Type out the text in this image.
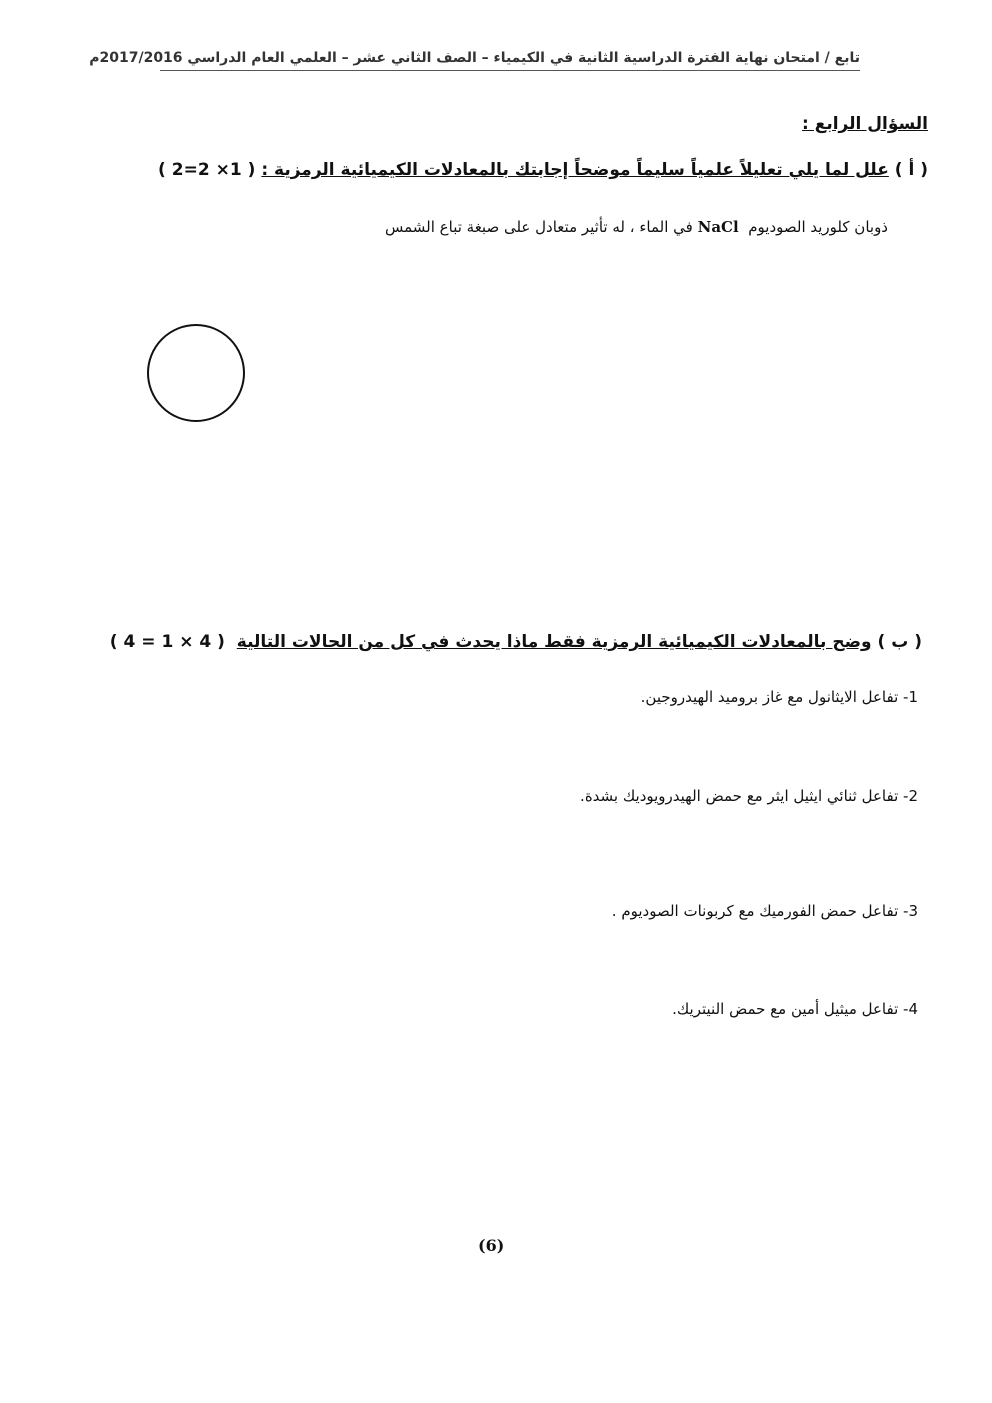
تابع / امتحان نهاية الفترة الدراسية الثانية في الكيمياء – الصف الثاني عشر – العلمي العام الدراسي 2017/2016م
السؤال الرابع :
( أ ) علل لما يلي تعليلاً علمياً سليماً موضحاً إجابتك بالمعادلات الكيميائية الرمزية : ( 1× 2=2 )
ذوبان كلوريد الصوديوم  NaCl في الماء ، له تأثير متعادل على صبغة تباع الشمس
( ب ) وضح بالمعادلات الكيميائية الرمزية فقط ماذا يحدث في كل من الحالات التالية  ( 4 × 1 = 4 )
1- تفاعل الايثانول مع غاز بروميد الهيدروجين.
2- تفاعل ثنائي ايثيل ايثر مع حمض الهيدرويوديك بشدة.
3- تفاعل حمض الفورميك مع كربونات الصوديوم .
4- تفاعل ميثيل أمين مع حمض النيتريك.
(6)
